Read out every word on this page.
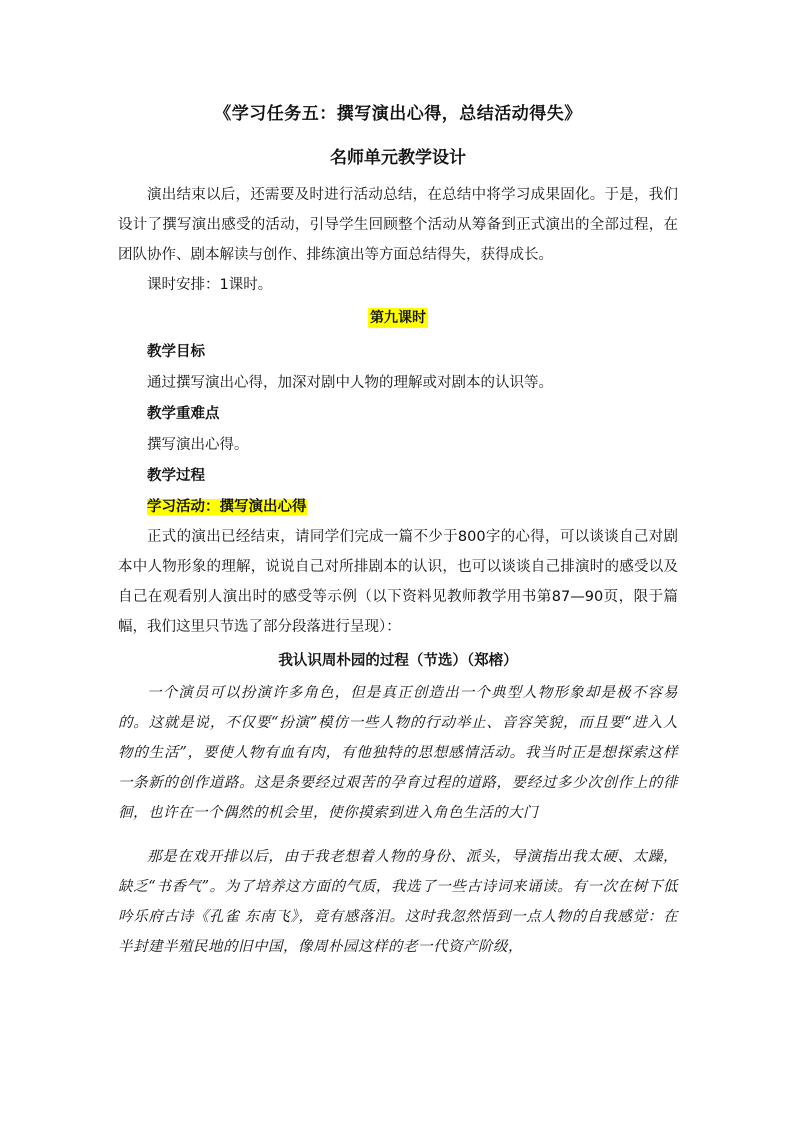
《学习任务五：撰写演出心得，总结活动得失》

名师单元教学设计

演出结束以后，还需要及时进行活动总结，在总结中将学习成果固化。于是，我们设计了撰写演出感受的活动，引导学生回顾整个活动从筹备到正式演出的全部过程，在团队协作、剧本解读与创作、排练演出等方面总结得失，获得成长。

课时安排：1课时。

第九课时

教学目标

通过撰写演出心得，加深对剧中人物的理解或对剧本的认识等。

教学重难点

撰写演出心得。

教学过程

学习活动：撰写演出心得

正式的演出已经结束，请同学们完成一篇不少于800字的心得，可以谈谈自己对剧本中人物形象的理解，说说自己对所排剧本的认识，也可以谈谈自己排演时的感受以及自己在观看别人演出时的感受等示例（以下资料见教师教学用书第87—90页，限于篇幅，我们这里只节选了部分段落进行呈现）：

我认识周朴园的过程（节选）（郑榕）

一个演员可以扮演许多角色，但是真正创造出一个典型人物形象却是极不容易的。这就是说，不仅要“扮演”模仿一些人物的行动举止、音容笑貌，而且要“进入人物的生活”，要使人物有血有肉，有他独特的思想感情活动。我当时正是想探索这样一条新的创作道路。这是条要经过艰苦的孕育过程的道路，要经过多少次创作上的徘徊，也许在一个偶然的机会里，使你摸索到进入角色生活的大门

那是在戏开排以后，由于我老想着人物的身份、派头，导演指出我太硬、太躁，缺乏“书香气”。为了培养这方面的气质，我选了一些古诗词来诵读。有一次在树下低吟乐府古诗《孔雀 东南飞》，竟有感落泪。这时我忽然悟到一点人物的自我感觉：在半封建半殖民地的旧中国，像周朴园这样的老一代资产阶级，
